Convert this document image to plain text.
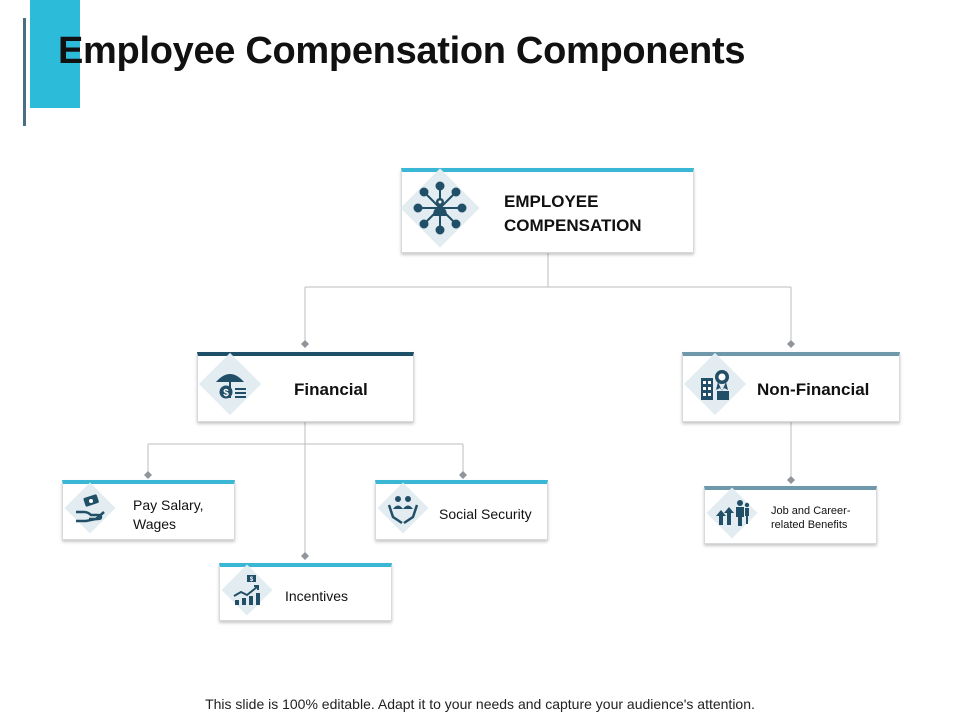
Employee Compensation Components
EMPLOYEE
COMPENSATION
$	Financial	Non-Financial
Pay Salary,
Wages
Social Security
$
Incentives
Job and Career-
related Benefits
This slide is 100% editable. Adapt it to your needs and capture your audience's attention.
